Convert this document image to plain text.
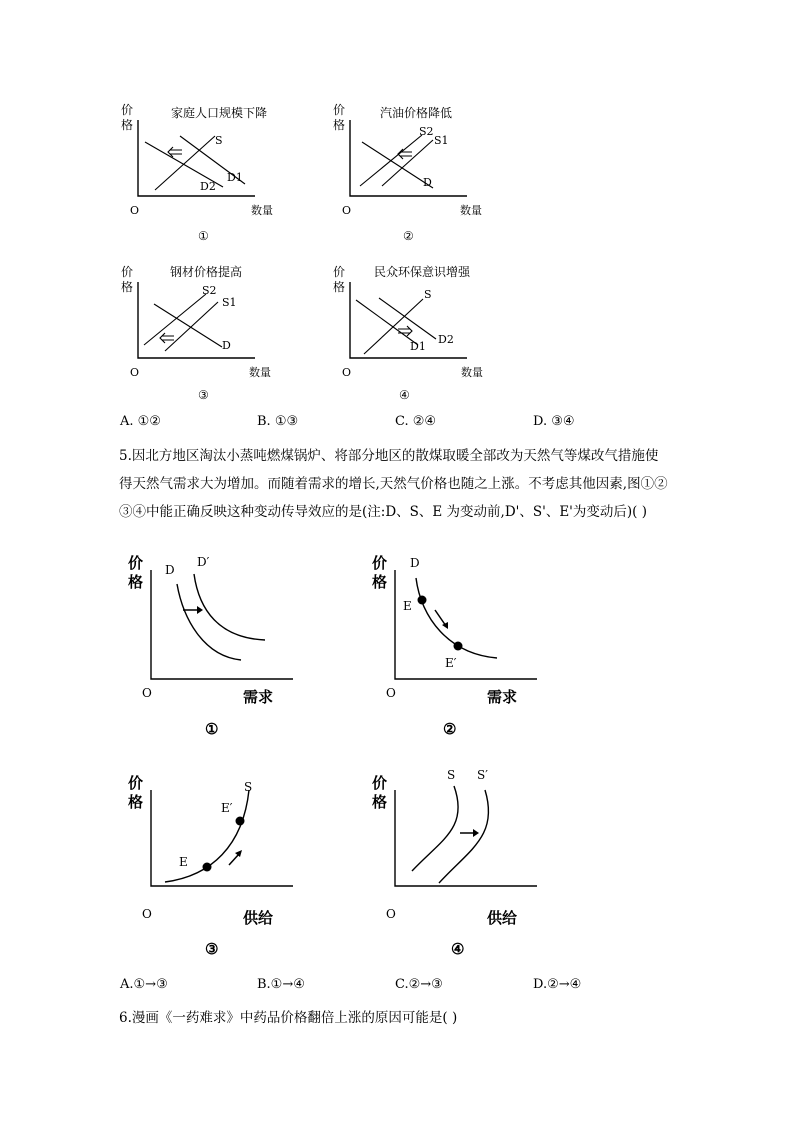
价
格
家庭人口规模下降
S
D2
D1
O	数量
①
价
格
汽油价格降低
S2
S1
D
O	数量
②
价
格
钢材价格提高
S2
S1
D
O	数量
③
价
格
民众环保意识增强
S
D1
D2
O	数量
④
A. ①②	B. ①③	C. ②④	D. ③④
5.因北方地区淘汰小蒸吨燃煤锅炉、将部分地区的散煤取暖全部改为天然气等煤改气措施使
得天然气需求大为增加。而随着需求的增长,天然气价格也随之上涨。不考虑其他因素,图①②
③④中能正确反映这种变动传导效应的是(注:D、S、E 为变动前,D'、S'、E'为变动后)( )
价
格
D
D′
O	需求
①
价
格
D
E
E′
O	需求
②
价
格
S
E′
E
O	供给
③
价
格
S S′
O	供给
④
A.①→③	B.①→④	C.②→③	D.②→④
6.漫画《一药难求》中药品价格翻倍上涨的原因可能是( )
